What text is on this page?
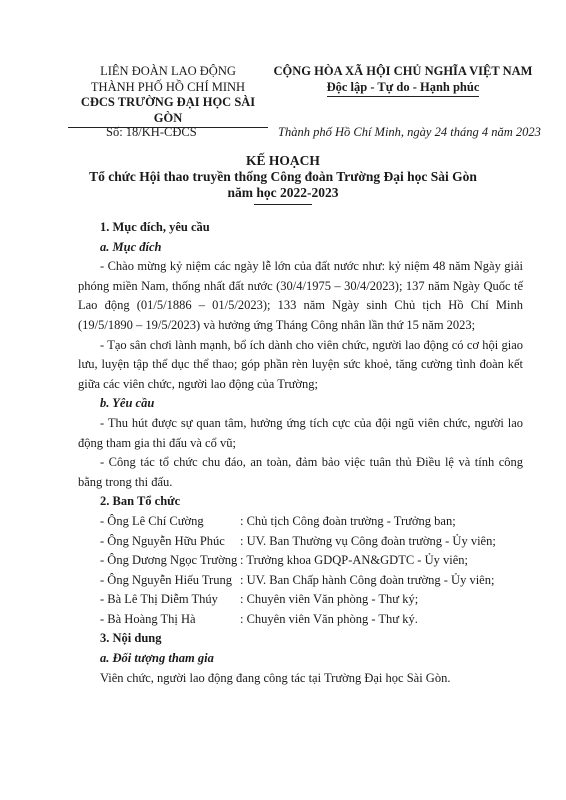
LIÊN ĐOÀN LAO ĐỘNG
THÀNH PHỐ HỒ CHÍ MINH
CĐCS TRƯỜNG ĐẠI HỌC SÀI GÒN
CỘNG HÒA XÃ HỘI CHỦ NGHĨA VIỆT NAM
Độc lập - Tự do - Hạnh phúc
Số: 18/KH-CĐCS	Thành phố Hồ Chí Minh, ngày 24 tháng 4 năm 2023
KẾ HOẠCH
Tổ chức Hội thao truyền thống Công đoàn Trường Đại học Sài Gòn
năm học 2022-2023

1. Mục đích, yêu cầu

a. Mục đích

- Chào mừng kỷ niệm các ngày lễ lớn của đất nước như: kỷ niệm 48 năm Ngày giải phóng miền Nam, thống nhất đất nước (30/4/1975 – 30/4/2023); 137 năm Ngày Quốc tế Lao động (01/5/1886 – 01/5/2023); 133 năm Ngày sinh Chủ tịch Hồ Chí Minh (19/5/1890 – 19/5/2023) và hưởng ứng Tháng Công nhân lần thứ 15 năm 2023;

- Tạo sân chơi lành mạnh, bổ ích dành cho viên chức, người lao động có cơ hội giao lưu, luyện tập thể dục thể thao; góp phần rèn luyện sức khoẻ, tăng cường tình đoàn kết giữa các viên chức, người lao động của Trường;

b. Yêu cầu

- Thu hút được sự quan tâm, hưởng ứng tích cực của đội ngũ viên chức, người lao động tham gia thi đấu và cổ vũ;

- Công tác tổ chức chu đáo, an toàn, đảm bảo việc tuân thủ Điều lệ và tính công bằng trong thi đấu.

2. Ban Tổ chức

- Ông Lê Chí Cường	: Chủ tịch Công đoàn trường - Trưởng ban;
- Ông Nguyễn Hữu Phúc	: UV. Ban Thường vụ Công đoàn trường - Ủy viên;
- Ông Dương Ngọc Trường : Trưởng khoa GDQP-AN&GDTC - Ủy viên;
- Ông Nguyễn Hiếu Trung : UV. Ban Chấp hành Công đoàn trường - Ủy viên;
- Bà Lê Thị Diễm Thúy	: Chuyên viên Văn phòng - Thư ký;
- Bà Hoàng Thị Hà	: Chuyên viên Văn phòng - Thư ký.

3. Nội dung

a. Đối tượng tham gia

Viên chức, người lao động đang công tác tại Trường Đại học Sài Gòn.
